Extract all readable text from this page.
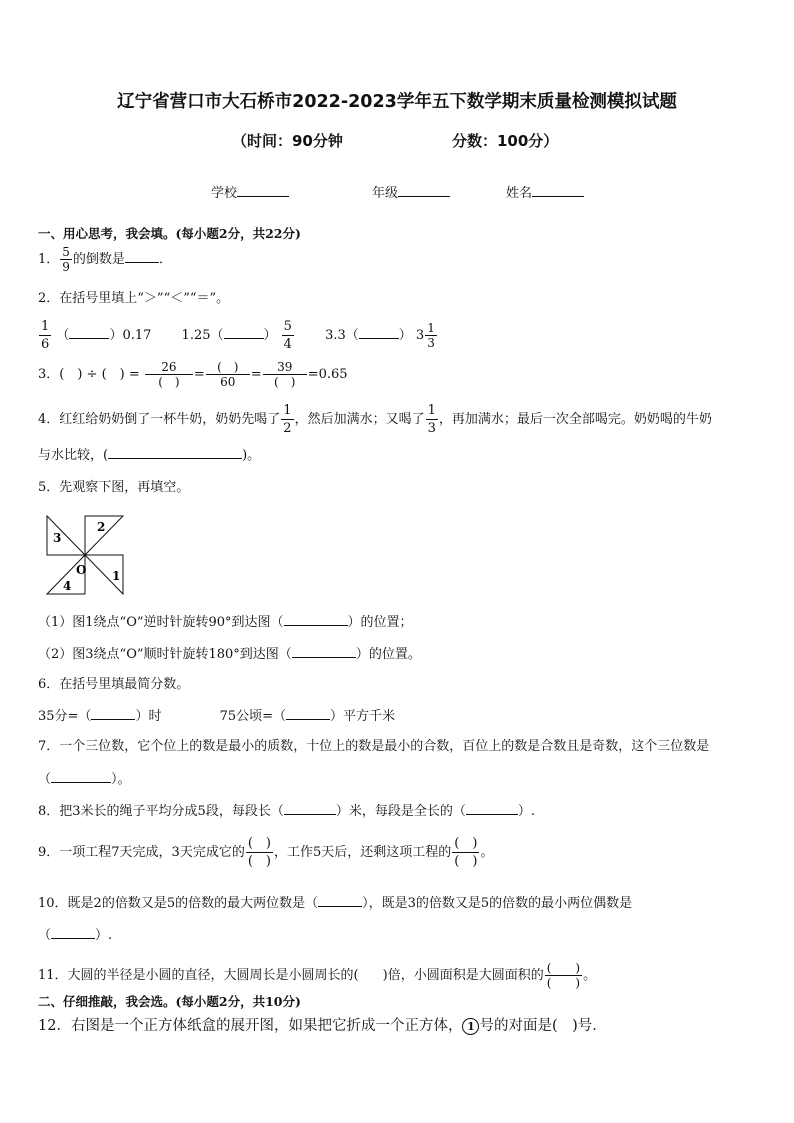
辽宁省营口市大石桥市2022-2023学年五下数学期末质量检测模拟试题
（时间：90分钟	分数：100分）
学校	年级	姓名
一、用心思考，我会填。(每小题2分，共22分)
1． $\frac{5}{9}$ 的倒数是	．
2．在括号里填上“＞”“＜”“＝”。
$\frac{1}{6}$ （	）0.17 1.25（	） $\frac{5}{4} 3.3$（	） $3 \frac{1}{3}$
3．(　) ÷ (　) = $\frac{26}{( )} = \frac{( )}{60} = \frac{39}{( )} =0.65$
4．红红给奶奶倒了一杯牛奶，奶奶先喝了 $\frac{1}{2}$ ，然后加满水；又喝了 $\frac{1}{3}$ ，再加满水；最后一次全部喝完。奶奶喝的牛奶
与水比较，(	)。
5．先观察下图，再填空。
3
2
O
4
1
（1）图1绕点“O”逆时针旋转90°到达图（	）的位置；
（2）图3绕点“O”顺时针旋转180°到达图（	）的位置。
6．在括号里填最简分数。
35分=（	）时	75公顷=（	）平方千米
7．一个三位数，它个位上的数是最小的质数，十位上的数是最小的合数，百位上的数是合数且是奇数，这个三位数是
（	）。
8．把3米长的绳子平均分成5段，每段长（	）米，每段是全长的（	）.
9．一项工程7天完成，3天完成它的 $\frac{( )}{( )}$ ，工作5天后，还剩这项工程的 $\frac{( )}{( )}$ 。
10．既是2的倍数又是5的倍数的最大两位数是（	），既是3的倍数又是5的倍数的最小两位偶数是
（	）.
11．大圆的半径是小圆的直径，大圆周长是小圆周长的( )倍，小圆面积是大圆面积的 $\frac{( )}{( )}$ 。
二、仔细推敲，我会选。(每小题2分，共10分)
12．右图是一个正方体纸盒的展开图，如果把它折成一个正方体， 1 号的对面是(　)号．
